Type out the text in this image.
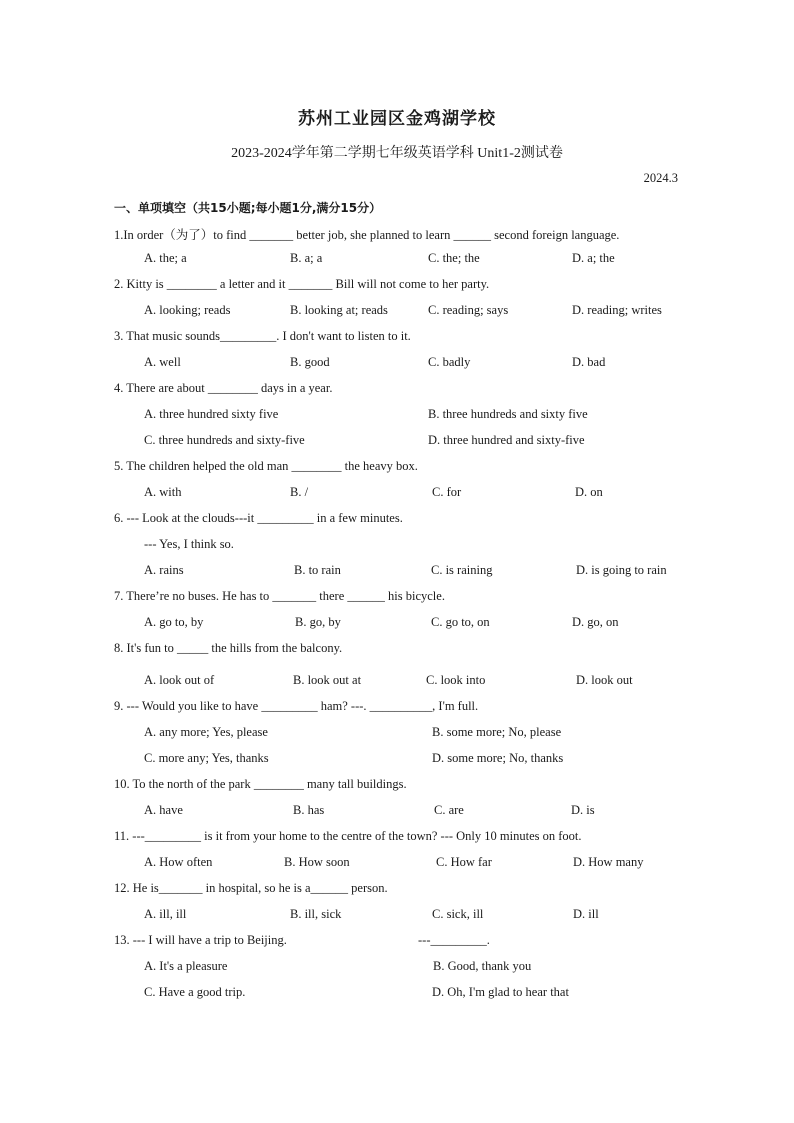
苏州工业园区金鸡湖学校
2023-2024学年第二学期七年级英语学科 Unit1-2测试卷
2024.3
一、单项填空（共15小题;每小题1分,满分15分）
1.In order（为了）to find _______ better job, she planned to learn ______ second foreign language.
A. the; a	B. a; a	C. the; the	D. a; the
2. Kitty is ________ a letter and it _______ Bill will not come to her party.
A. looking; reads	B. looking at; reads	C. reading; says	D. reading; writes
3. That music sounds_________. I don't want to listen to it.
A. well	B. good	C. badly	D. bad
4. There are about ________ days in a year.
A. three hundred sixty five	B. three hundreds and sixty five
C. three hundreds and sixty-five	D. three hundred and sixty-five
5. The children helped the old man ________ the heavy box.
A. with	B. /	C. for	D. on
6. --- Look at the clouds---it _________ in a few minutes.
--- Yes, I think so.
A. rains	B. to rain	C. is raining	D. is going to rain
7. There’re no buses. He has to _______ there ______ his bicycle.
A. go to, by	B. go, by	C. go to, on	D. go, on
8. It's fun to _____ the hills from the balcony.
A. look out of	B. look out at	C. look into	D. look out
9. --- Would you like to have _________ ham? ---. __________, I'm full.
A. any more; Yes, please	B. some more; No, please
C. more any; Yes, thanks	D. some more; No, thanks
10. To the north of the park ________ many tall buildings.
A. have	B. has	C. are	D. is
11. ---_________ is it from your home to the centre of the town? --- Only 10 minutes on foot.
A. How often	B. How soon	C. How far	D. How many
12. He is_______ in hospital, so he is a______ person.
A. ill, ill	B. ill, sick	C. sick, ill	D. ill
13. --- I will have a trip to Beijing.	---_________.
A. It's a pleasure	B. Good, thank you
C. Have a good trip.	D. Oh, I'm glad to hear that
